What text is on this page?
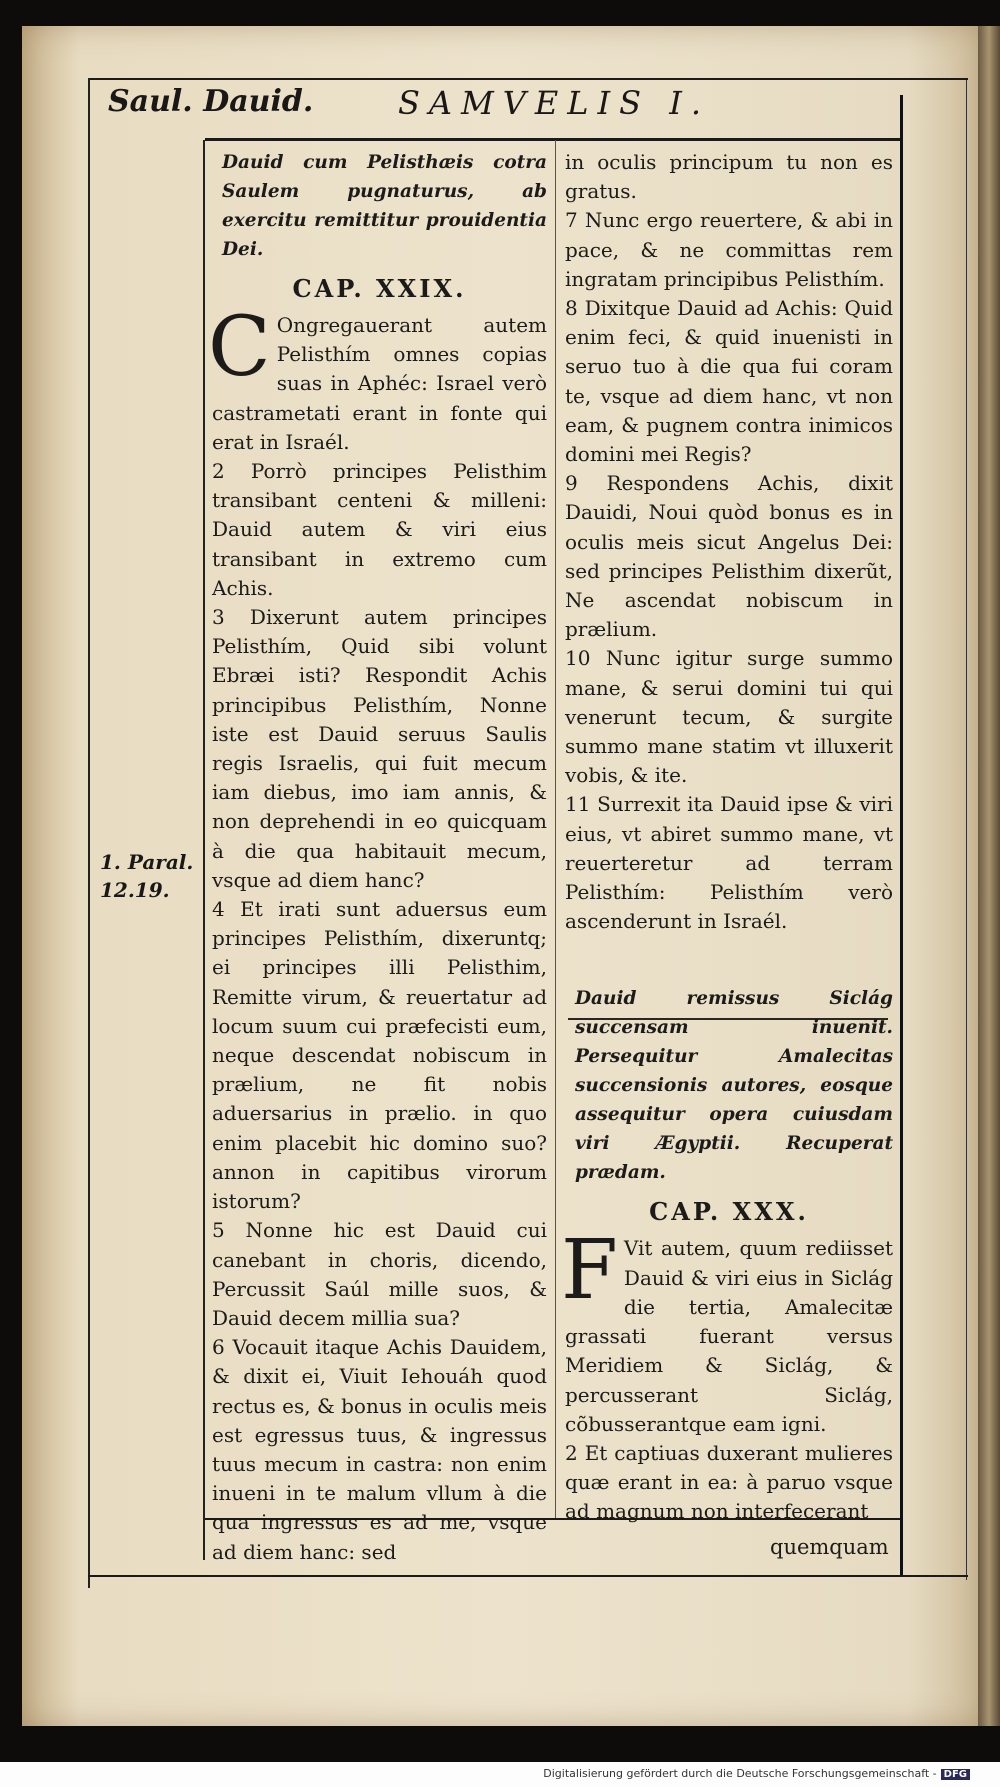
Saul. Dauid.	SAMVELIS I.
1. Paral.
12.19.
Dauid cum Pelisthæis cotra Saulem pugnaturus, ab exercitu remittitur prouidentia Dei.
CAP. XXIX.

C Ongregauerant autem Pelisthím omnes copias suas in Aphéc: Israel verò castrametati erant in fonte qui erat in Israél.

2 Porrò principes Pelisthim transibant centeni & milleni: Dauid autem & viri eius transibant in extremo cum Achis.

3 Dixerunt autem principes Pelisthím, Quid sibi volunt Ebræi isti? Respondit Achis principibus Pelisthím, Nonne iste est Dauid seruus Saulis regis Israelis, qui fuit mecum iam diebus, imo iam annis, & non deprehendi in eo quicquam à die qua habitauit mecum, vsque ad diem hanc?

4 Et irati sunt aduersus eum principes Pelisthím, dixeruntq; ei principes illi Pelisthim, Remitte virum, & reuertatur ad locum suum cui præfecisti eum, neque descendat nobiscum in prælium, ne fit nobis aduersarius in prælio. in quo enim placebit hic domino suo? annon in capitibus virorum istorum?

5 Nonne hic est Dauid cui canebant in choris, dicendo, Percussit Saúl mille suos, & Dauid decem millia sua?

6 Vocauit itaque Achis Dauidem, & dixit ei, Viuit Iehouáh quod rectus es, & bonus in oculis meis est egressus tuus, & ingressus tuus mecum in castra: non enim inueni in te malum vllum à die qua ingressus es ad me, vsque ad diem hanc: sed

in oculis principum tu non es gratus.

7 Nunc ergo reuertere, & abi in pace, & ne committas rem ingratam principibus Pelisthím.

8 Dixitque Dauid ad Achis: Quid enim feci, & quid inuenisti in seruo tuo à die qua fui coram te, vsque ad diem hanc, vt non eam, & pugnem contra inimicos domini mei Regis?

9 Respondens Achis, dixit Dauidi, Noui quòd bonus es in oculis meis sicut Angelus Dei: sed principes Pelisthim dixerũt, Ne ascendat nobiscum in prælium.

10 Nunc igitur surge summo mane, & serui domini tui qui venerunt tecum, & surgite summo mane statim vt illuxerit vobis, & ite.

11 Surrexit ita Dauid ipse & viri eius, vt abiret summo mane, vt reuerteretur ad terram Pelisthím: Pelisthím verò ascenderunt in Israél.

Dauid remissus Siclág succensam inuenit. Persequitur Amalecitas succensionis autores, eosque assequitur opera cuiusdam viri Ægyptii. Recuperat prædam.
CAP. XXX.

F Vit autem, quum rediisset Dauid & viri eius in Siclág die tertia, Amalecitæ grassati fuerant versus Meridiem & Siclág, & percusserant Siclág, cõbusserantque eam igni.

2 Et captiuas duxerant mulieres quæ erant in ea: à paruo vsque ad magnum non interfecerant

quemquam
Digitalisierung gefördert durch die Deutsche Forschungsgemeinschaft - DFG
